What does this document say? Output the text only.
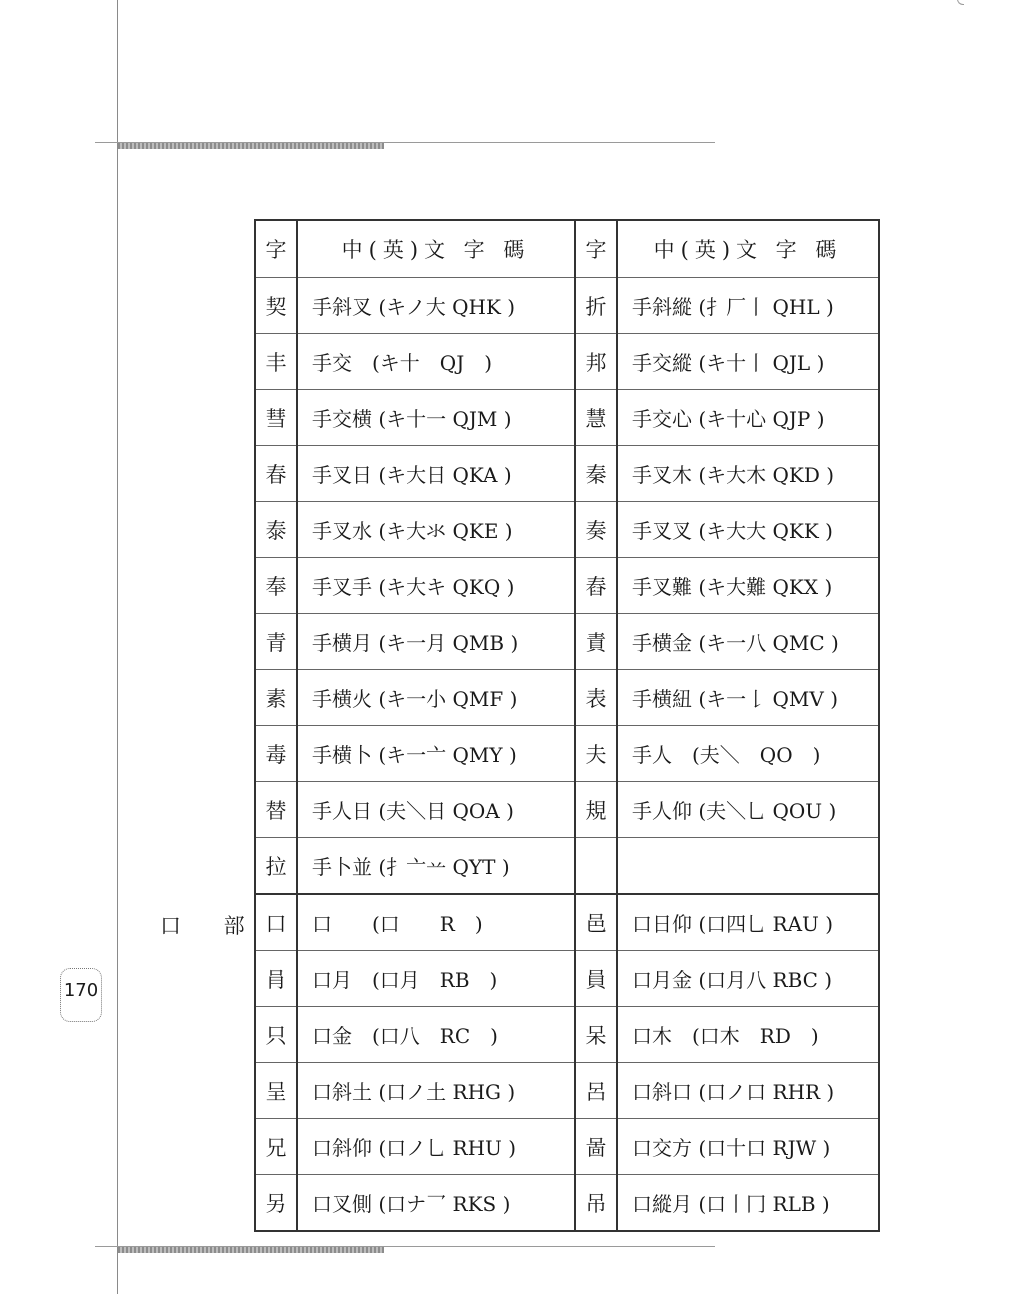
口 部
170
字	中(英)文 字 碼	字	中(英)文 字 碼
契	手斜叉 (キノ大 QHK )	折	手斜縱 (扌厂丨 QHL )
丰	手交　(キ十　QJ　)	邦	手交縱 (キ十丨 QJL )
彗	手交横 (キ十一 QJM )	慧	手交心 (キ十心 QJP )
春	手叉日 (キ大日 QKA )	秦	手叉木 (キ大木 QKD )
泰	手叉水 (キ大氺 QKE )	奏	手叉叉 (キ大大 QKK )
奉	手叉手 (キ大キ QKQ )	舂	手叉難 (キ大難 QKX )
青	手横月 (キ一月 QMB )	責	手横金 (キ一八 QMC )
素	手横火 (キ一小 QMF )	表	手横紐 (キ一𠄌 QMV )
毒	手横卜 (キ一亠 QMY )	夫	手人　(夫＼　QO　)
替	手人日 (夫＼日 QOA )	規	手人仰 (夫＼乚 QOU )
拉	手卜並 (扌亠䒑 QYT )		
口	口　　(口　　R　)	邑	口日仰 (口四乚 RAU )
肙	口月　(口月　RB　)	員	口月金 (口月八 RBC )
只	口金　(口八　RC　)	呆	口木　(口木　RD　)
呈	口斜土 (口ノ土 RHG )	呂	口斜口 (口ノ口 RHR )
兄	口斜仰 (口ノ乚 RHU )	啚	口交方 (口十口 RJW )
另	口叉側 (口ナ乛 RKS )	吊	口縱月 (口丨冂 RLB )
